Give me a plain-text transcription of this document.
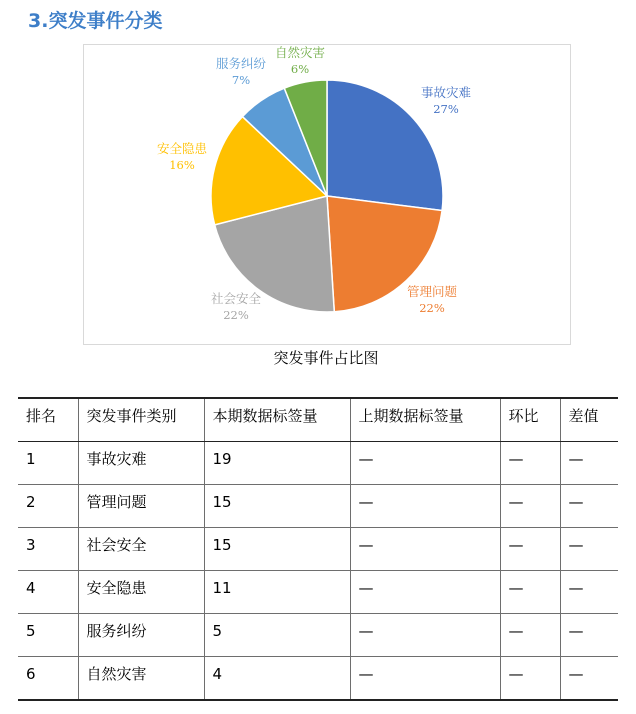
3.突发事件分类
事故灾难
27%
管理问题
22%
社会安全
22%
安全隐患
16%
服务纠纷
7%
自然灾害
6%
突发事件占比图
排名	突发事件类别	本期数据标签量	上期数据标签量	环比	差值
1	事故灾难	19	—	—	—
2	管理问题	15	—	—	—
3	社会安全	15	—	—	—
4	安全隐患	11	—	—	—
5	服务纠纷	5	—	—	—
6	自然灾害	4	—	—	—
